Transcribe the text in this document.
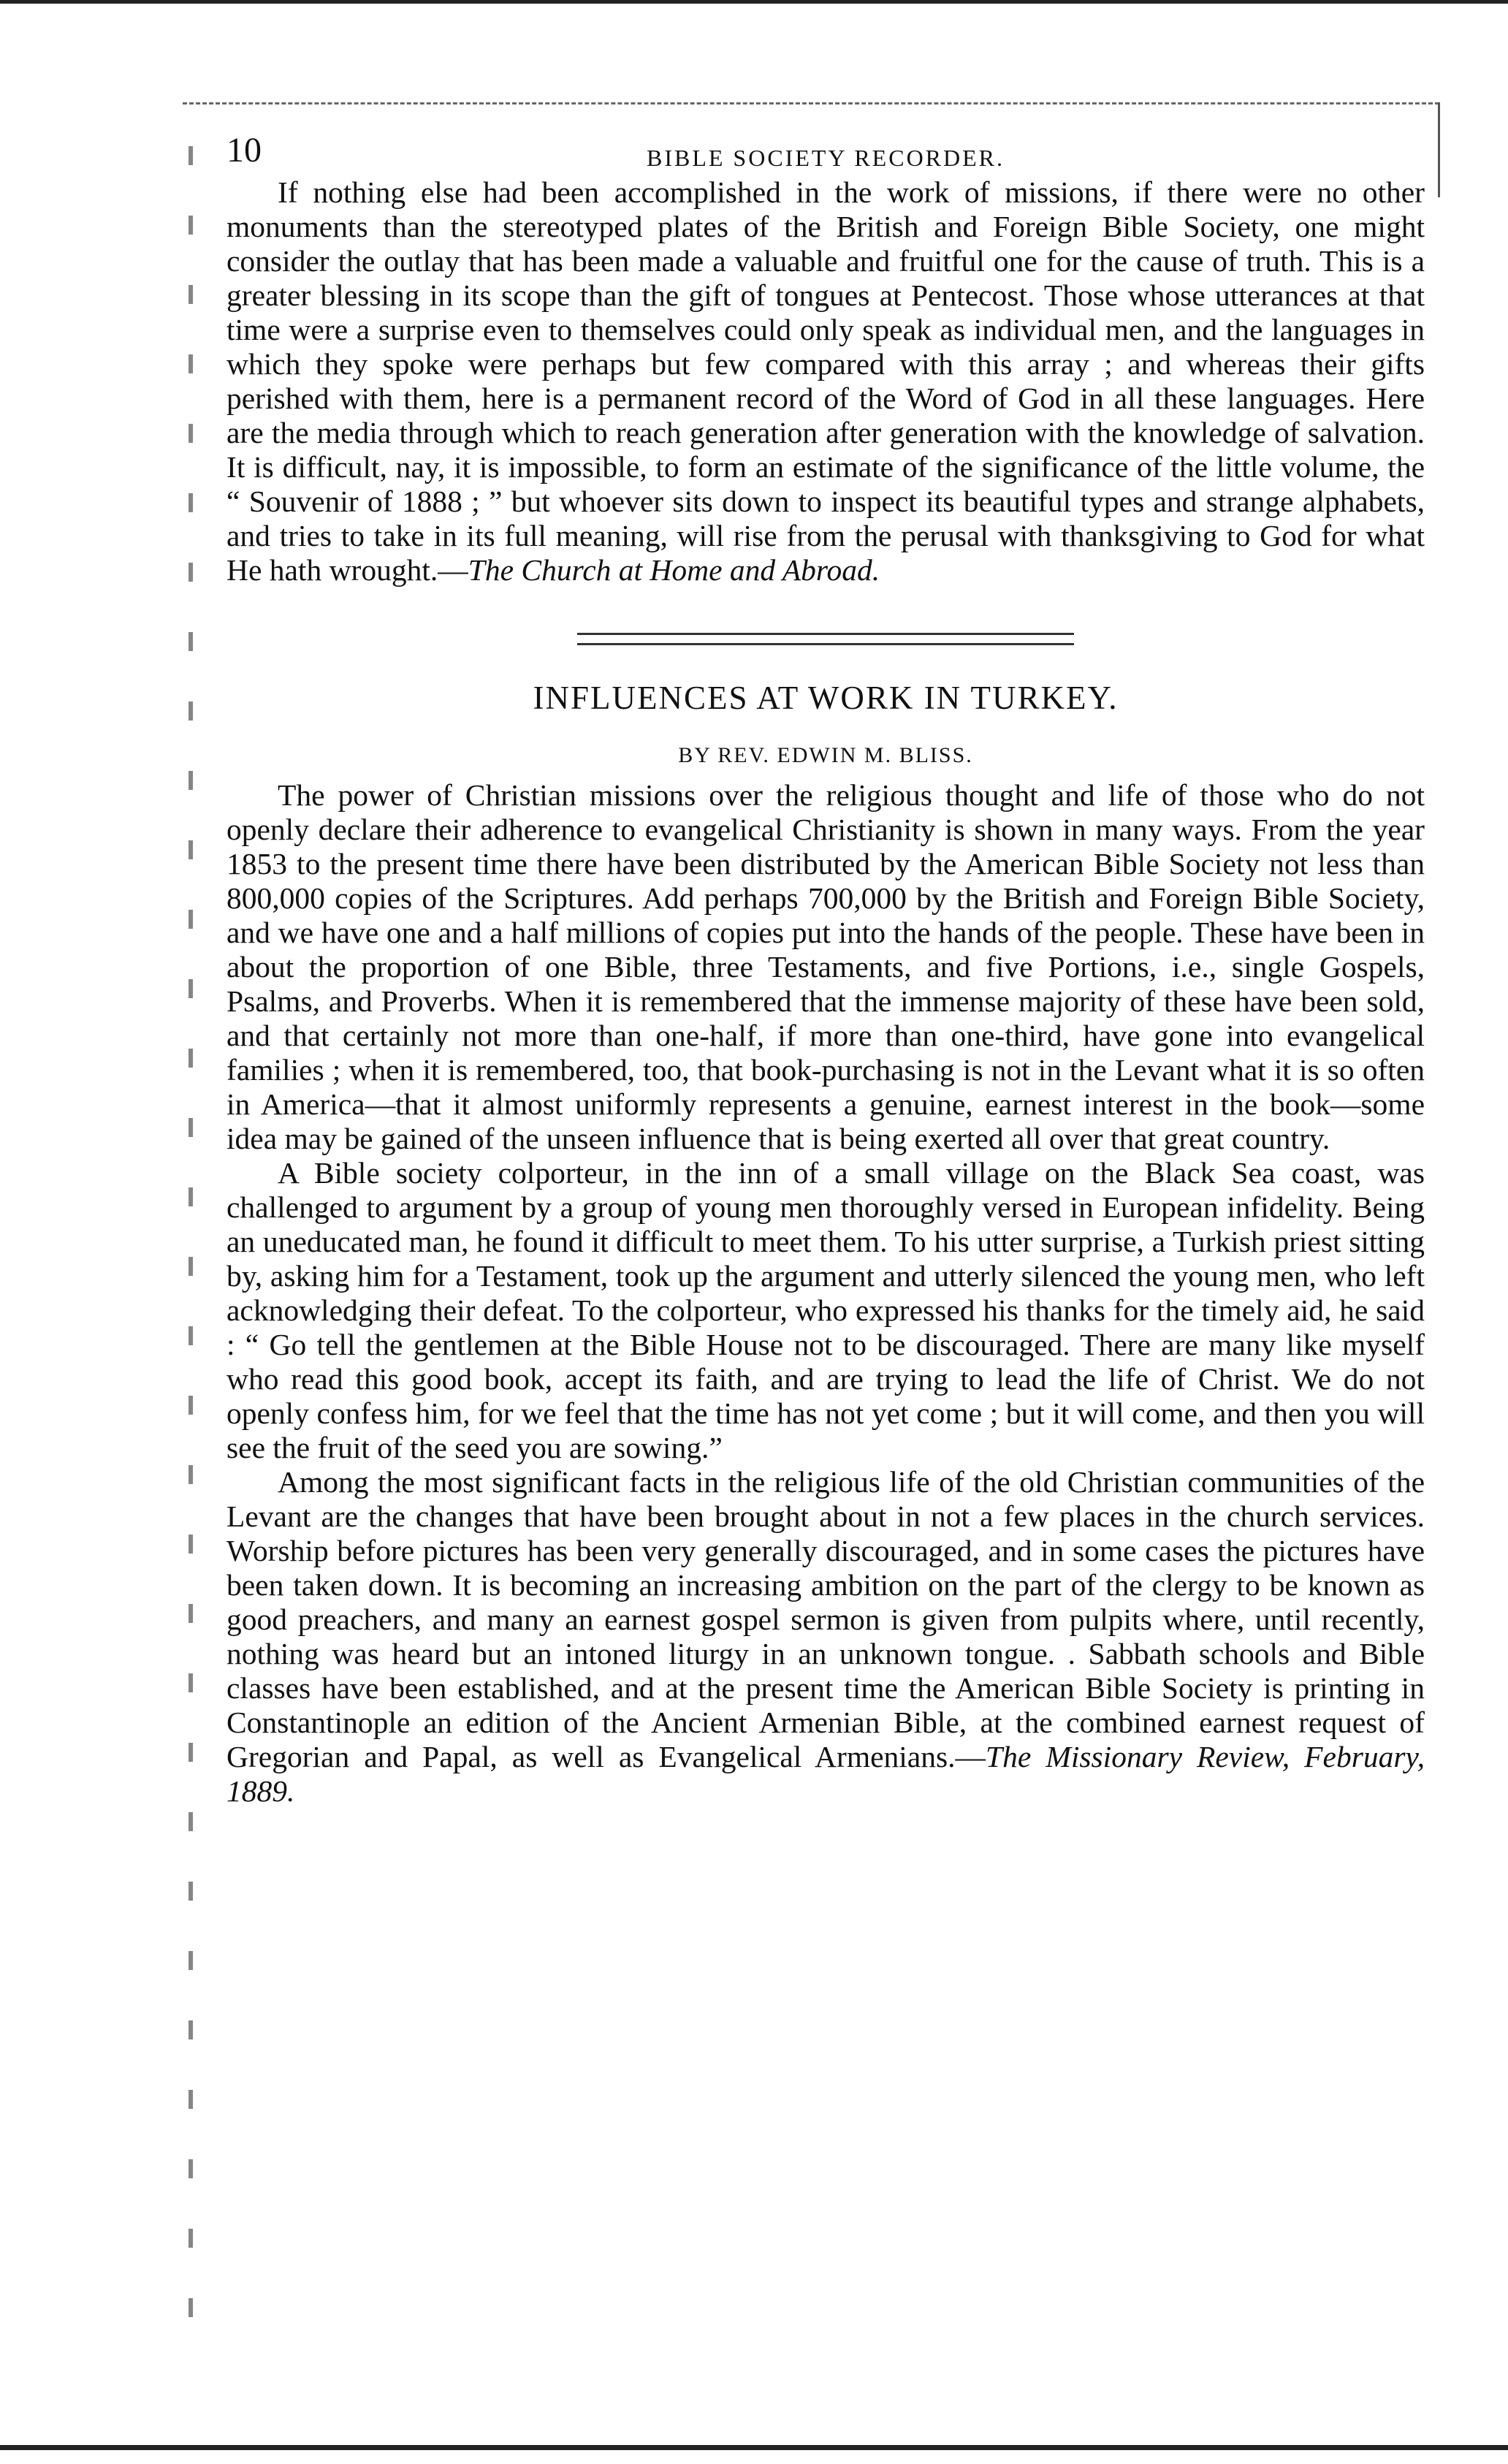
10	BIBLE SOCIETY RECORDER.

If nothing else had been accomplished in the work of missions, if there were no other monuments than the stereotyped plates of the British and Foreign Bible Society, one might consider the outlay that has been made a valuable and fruitful one for the cause of truth. This is a greater blessing in its scope than the gift of tongues at Pentecost. Those whose utterances at that time were a surprise even to themselves could only speak as individual men, and the languages in which they spoke were perhaps but few compared with this array ; and whereas their gifts perished with them, here is a permanent record of the Word of God in all these languages. Here are the media through which to reach generation after generation with the knowledge of salvation. It is difficult, nay, it is impossible, to form an estimate of the significance of the little volume, the “ Souvenir of 1888 ; ” but whoever sits down to inspect its beautiful types and strange alphabets, and tries to take in its full meaning, will rise from the perusal with thanksgiving to God for what He hath wrought.—The Church at Home and Abroad.

INFLUENCES AT WORK IN TURKEY.
BY REV. EDWIN M. BLISS.

The power of Christian missions over the religious thought and life of those who do not openly declare their adherence to evangelical Christianity is shown in many ways. From the year 1853 to the present time there have been distributed by the American Bible Society not less than 800,000 copies of the Scriptures. Add perhaps 700,000 by the British and Foreign Bible Society, and we have one and a half millions of copies put into the hands of the people. These have been in about the proportion of one Bible, three Testaments, and five Portions, i.e., single Gospels, Psalms, and Proverbs. When it is remembered that the immense majority of these have been sold, and that certainly not more than one-half, if more than one-third, have gone into evangelical families ; when it is remembered, too, that book-purchasing is not in the Levant what it is so often in America—that it almost uniformly represents a genuine, earnest interest in the book—some idea may be gained of the unseen influence that is being exerted all over that great country.

A Bible society colporteur, in the inn of a small village on the Black Sea coast, was challenged to argument by a group of young men thoroughly versed in European infidelity. Being an uneducated man, he found it difficult to meet them. To his utter surprise, a Turkish priest sitting by, asking him for a Testament, took up the argument and utterly silenced the young men, who left acknowledging their defeat. To the colporteur, who expressed his thanks for the timely aid, he said : “ Go tell the gentlemen at the Bible House not to be discouraged. There are many like myself who read this good book, accept its faith, and are trying to lead the life of Christ. We do not openly confess him, for we feel that the time has not yet come ; but it will come, and then you will see the fruit of the seed you are sowing.”

Among the most significant facts in the religious life of the old Christian communities of the Levant are the changes that have been brought about in not a few places in the church services. Worship before pictures has been very generally discouraged, and in some cases the pictures have been taken down. It is becoming an increasing ambition on the part of the clergy to be known as good preachers, and many an earnest gospel sermon is given from pulpits where, until recently, nothing was heard but an intoned liturgy in an unknown tongue. . Sabbath schools and Bible classes have been established, and at the present time the American Bible Society is printing in Constantinople an edition of the Ancient Armenian Bible, at the combined earnest request of Gregorian and Papal, as well as Evangelical Armenians.—The Missionary Review, February, 1889.
